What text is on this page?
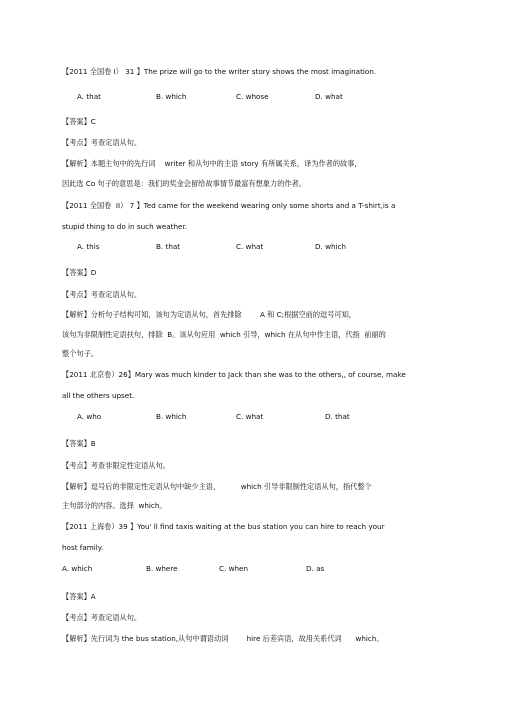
【2011 全国卷 I） 31 】The prize will go to the writer story shows the most imagination.
A. that	B. which	C. whose	D. what
【答案】C
【考点】考查定语从句。
【解析】本题主句中的先行词    writer 和从句中的主语 story 有所属关系，译为作者的故事，
因此选 Co 句子的意思是：我们的奖金会留给故事情节最富有想象力的作者。
【2011 全国卷  II） 7 】Ted came for the weekend wearing only some shorts and a T-shirt,is a
stupid thing to do in such weather.
A. this	B. that	C. what	D. which
【答案】D
【考点】考查定语从句。
【解析】分析句子结构可知，该句为定语从句，首先排除        A 和 C;根据空前的逗号可知，
该句为非限制性定语扶句，排除  B。该从句应用  which 引导，which 在从句中作主语，代指  前丽的
整个句子。
【2011 北京卷）26】Mary was much kinder to Jack than she was to the others,, of course, make
all the others upset.
A. who	B. which	C. what	D. that
【答案】B
【考点】考查非限定性定语从句。
【解析】逗号后的非限定性定语从句中缺少主语，         which 引导非限制性定语从句，指代整个
主句部分的内容。选择  which。
【2011 上海卷）39 】You' ll find taxis waiting at the bus station you can hire to reach your
host family.
A. which	B. where	C. when	D. as
【答案】A
【考点】考查定语从句。
【解析】先行词为 the bus station,从句中谓语动词        hire 后差宾语，故用关系代词      which。
